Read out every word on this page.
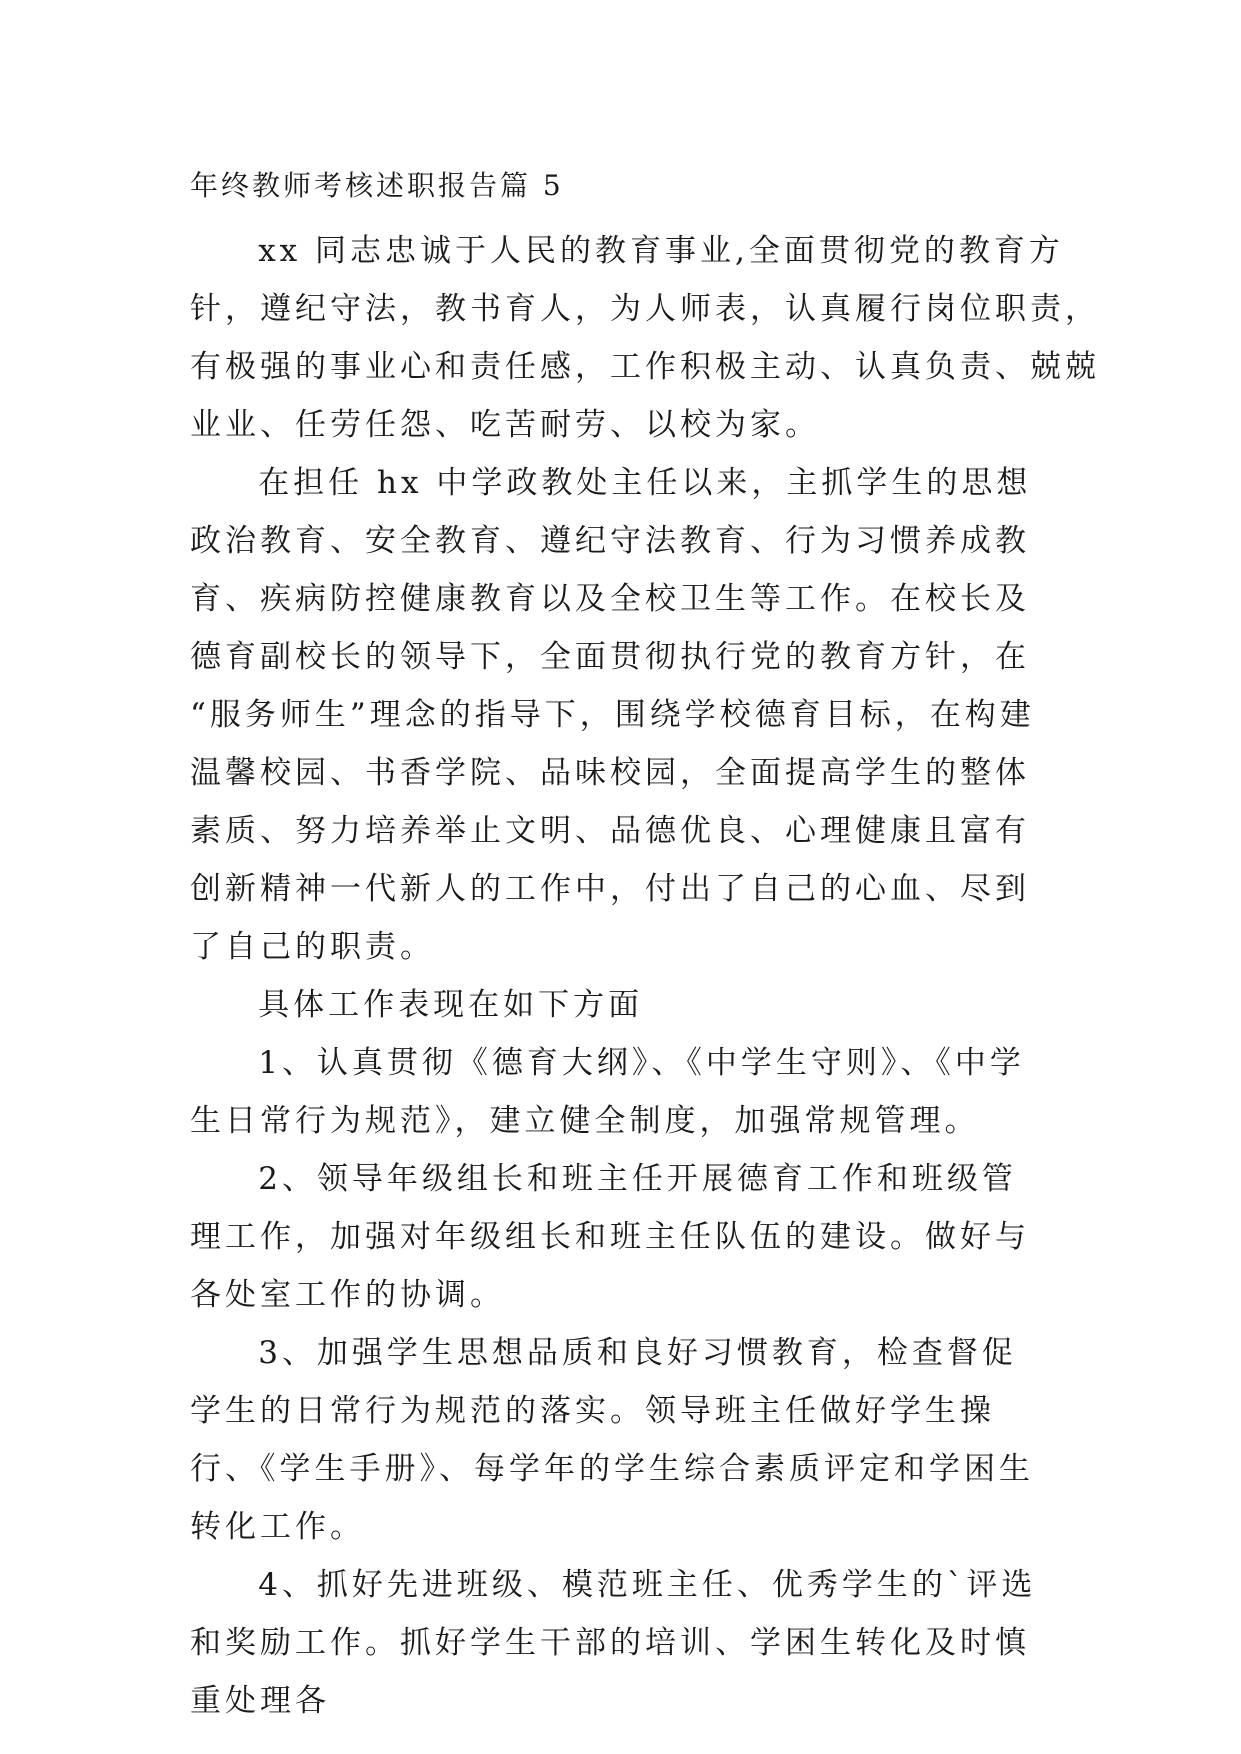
年终教师考核述职报告篇 5

xx 同志忠诚于人民的教育事业,全面贯彻党的教育方针，遵纪守法，教书育人，为人师表，认真履行岗位职责，有极强的事业心和责任感，工作积极主动、认真负责、兢兢业业、任劳任怨、吃苦耐劳、以校为家。

在担任 hx 中学政教处主任以来，主抓学生的思想政治教育、安全教育、遵纪守法教育、行为习惯养成教育、疾病防控健康教育以及全校卫生等工作。在校长及德育副校长的领导下，全面贯彻执行党的教育方针，在 “服务师生”理念的指导下，围绕学校德育目标，在构建温馨校园、书香学院、品味校园，全面提高学生的整体素质、努力培养举止文明、品德优良、心理健康且富有创新精神一代新人的工作中，付出了自己的心血、尽到了自己的职责。

具体工作表现在如下方面

1、认真贯彻《德育大纲》、《中学生守则》、《中学生日常行为规范》，建立健全制度，加强常规管理。

2、领导年级组长和班主任开展德育工作和班级管理工作，加强对年级组长和班主任队伍的建设。做好与各处室工作的协调。

3、加强学生思想品质和良好习惯教育，检查督促学生的日常行为规范的落实。领导班主任做好学生操行、《学生手册》、每学年的学生综合素质评定和学困生转化工作。

4、抓好先进班级、模范班主任、优秀学生的`评选和奖励工作。抓好学生干部的培训、学困生转化及时慎重处理各
